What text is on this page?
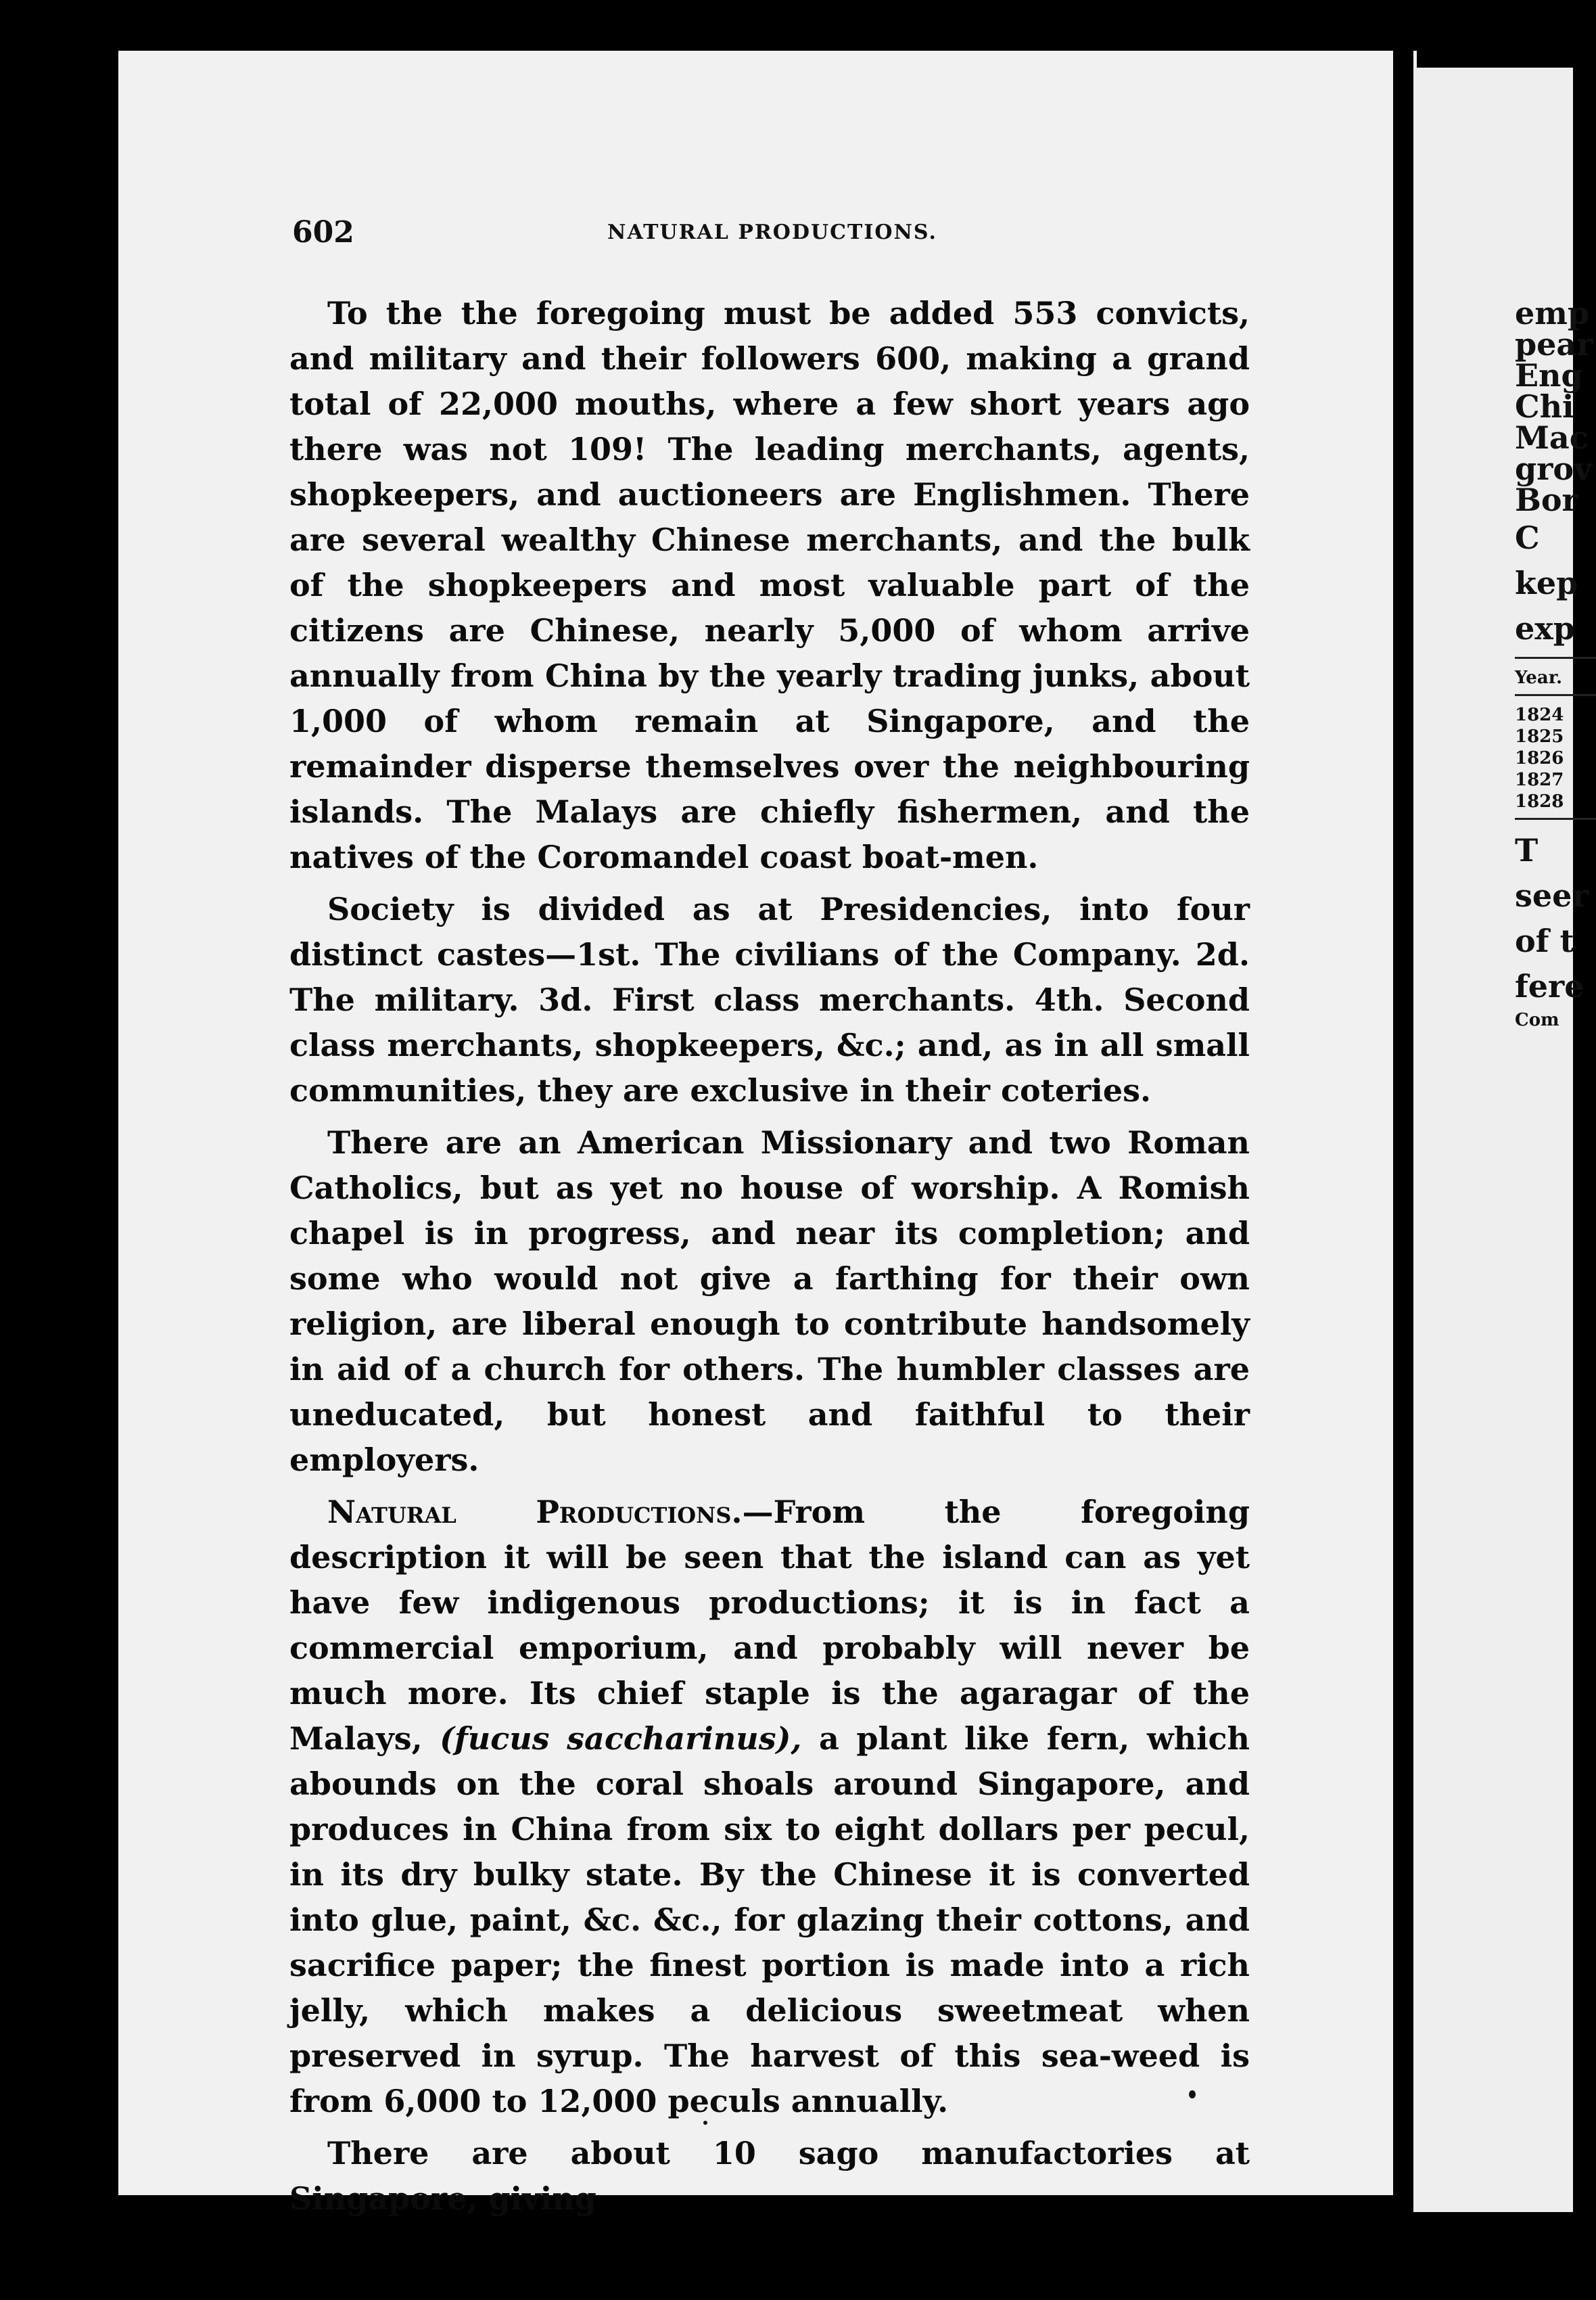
emp
pear
Eng
Chi
Mac
grov
Bor
C
kep
exp
Year.
1824
1825
1826
1827
1828
T
seer
of t
fere
Com
602	NATURAL PRODUCTIONS.

To the the foregoing must be added 553 convicts, and military and their followers 600, making a grand total of 22,000 mouths, where a few short years ago there was not 109! The leading merchants, agents, shopkeepers, and auctioneers are Englishmen. There are several wealthy Chinese merchants, and the bulk of the shopkeepers and most valuable part of the citizens are Chinese, nearly 5,000 of whom arrive annually from China by the yearly trading junks, about 1,000 of whom remain at Singapore, and the remainder disperse themselves over the neighbouring islands. The Malays are chiefly fishermen, and the natives of the Coromandel coast boat-men.

Society is divided as at Presidencies, into four distinct castes—1st. The civilians of the Company. 2d. The military. 3d. First class merchants. 4th. Second class merchants, shopkeepers, &c.; and, as in all small communities, they are exclusive in their coteries.

There are an American Missionary and two Roman Catholics, but as yet no house of worship. A Romish chapel is in progress, and near its completion; and some who would not give a farthing for their own religion, are liberal enough to contribute handsomely in aid of a church for others. The humbler classes are uneducated, but honest and faithful to their employers.

Natural Productions.—From the foregoing description it will be seen that the island can as yet have few indigenous productions; it is in fact a commercial emporium, and probably will never be much more. Its chief staple is the agaragar of the Malays, (fucus saccharinus), a plant like fern, which abounds on the coral shoals around Singapore, and produces in China from six to eight dollars per pecul, in its dry bulky state. By the Chinese it is converted into glue, paint, &c. &c., for glazing their cottons, and sacrifice paper; the finest portion is made into a rich jelly, which makes a delicious sweetmeat when preserved in syrup. The harvest of this sea-weed is from 6,000 to 12,000 peculs annually.

There are about 10 sago manufactories at Singapore, giving
